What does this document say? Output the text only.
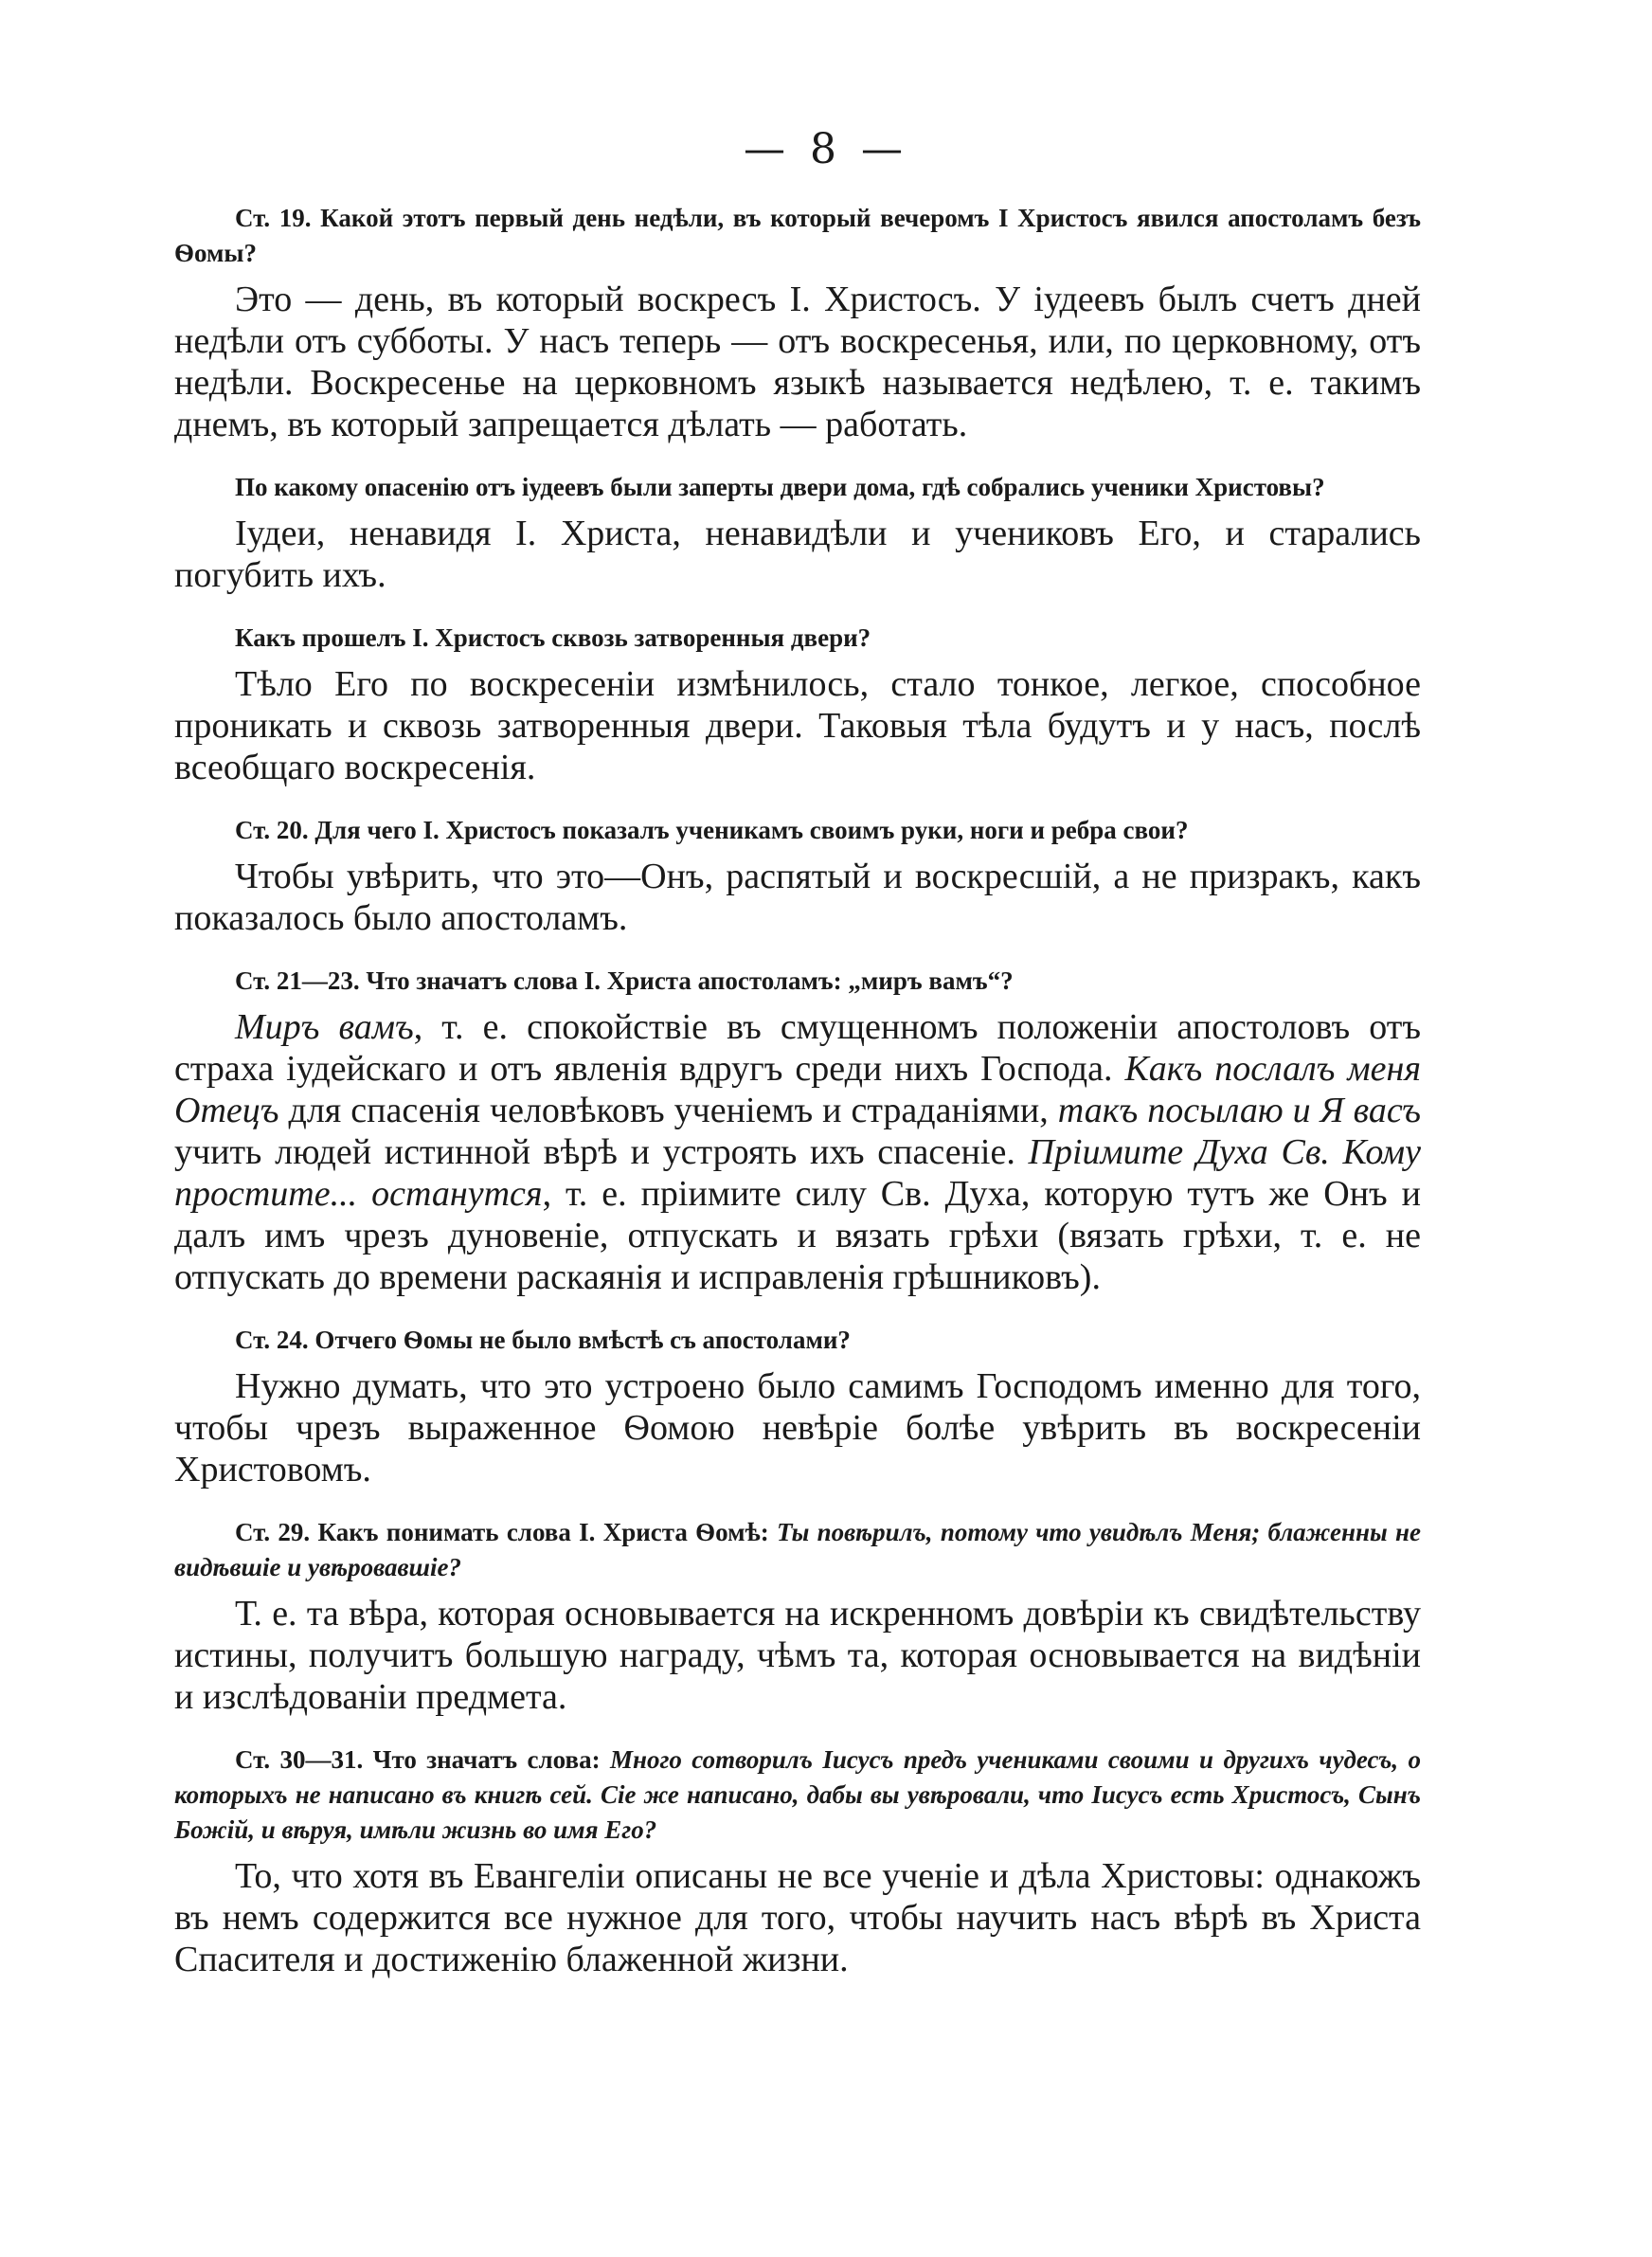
— 8 —

Ст. 19. Какой этотъ первый день недѣли, въ который вечеромъ I Христосъ явился апостоламъ безъ Ѳомы?

Это — день, въ который воскресъ I. Христосъ. У іудеевъ былъ счетъ дней недѣли отъ субботы. У насъ теперь — отъ воскресенья, или, по церковному, отъ недѣли. Воскресенье на церковномъ языкѣ называется недѣлею, т. е. такимъ днемъ, въ который запрещается дѣлать — работать.

По какому опасенію отъ іудеевъ были заперты двери дома, гдѣ собрались ученики Христовы?

Іудеи, ненавидя I. Христа, ненавидѣли и учениковъ Его, и старались погубить ихъ.

Какъ прошелъ I. Христосъ сквозь затворенныя двери?

Тѣло Его по воскресеніи измѣнилось, стало тонкое, легкое, способное проникать и сквозь затворенныя двери. Таковыя тѣла будутъ и у насъ, послѣ всеобщаго воскресенія.

Ст. 20. Для чего I. Христосъ показалъ ученикамъ своимъ руки, ноги и ребра свои?

Чтобы увѣрить, что это—Онъ, распятый и воскресшій, а не призракъ, какъ показалось было апостоламъ.

Ст. 21—23. Что значатъ слова I. Христа апостоламъ: „миръ вамъ“?

Миръ вамъ, т. е. спокойствіе въ смущенномъ положеніи апостоловъ отъ страха іудейскаго и отъ явленія вдругъ среди нихъ Господа. Какъ послалъ меня Отецъ для спасенія человѣковъ ученіемъ и страданіями, такъ посылаю и Я васъ учить людей истинной вѣрѣ и устроять ихъ спасеніе. Пріимите Духа Св. Кому простите... останутся, т. е. пріимите силу Св. Духа, которую тутъ же Онъ и далъ имъ чрезъ дуновеніе, отпускать и вязать грѣхи (вязать грѣхи, т. е. не отпускать до времени раскаянія и исправленія грѣшниковъ).

Ст. 24. Отчего Ѳомы не было вмѣстѣ съ апостолами?

Нужно думать, что это устроено было самимъ Господомъ именно для того, чтобы чрезъ выраженное Ѳомою невѣріе болѣе увѣрить въ воскресеніи Христовомъ.

Ст. 29. Какъ понимать слова I. Христа Ѳомѣ: Ты повѣрилъ, потому что увидѣлъ Меня; блаженны не видѣвшіе и увѣровавшіе?

Т. е. та вѣра, которая основывается на искренномъ довѣріи къ свидѣтельству истины, получитъ большую награду, чѣмъ та, которая основывается на видѣніи и изслѣдованіи предмета.

Ст. 30—31. Что значатъ слова: Много сотворилъ Іисусъ предъ учениками своими и другихъ чудесъ, о которыхъ не написано въ книгѣ сей. Сіе же написано, дабы вы увѣровали, что Іисусъ есть Христосъ, Сынъ Божій, и вѣруя, имѣли жизнь во имя Его?

То, что хотя въ Евангеліи описаны не все ученіе и дѣла Христовы: однакожъ въ немъ содержится все нужное для того, чтобы научить насъ вѣрѣ въ Христа Спасителя и достиженію блаженной жизни.
